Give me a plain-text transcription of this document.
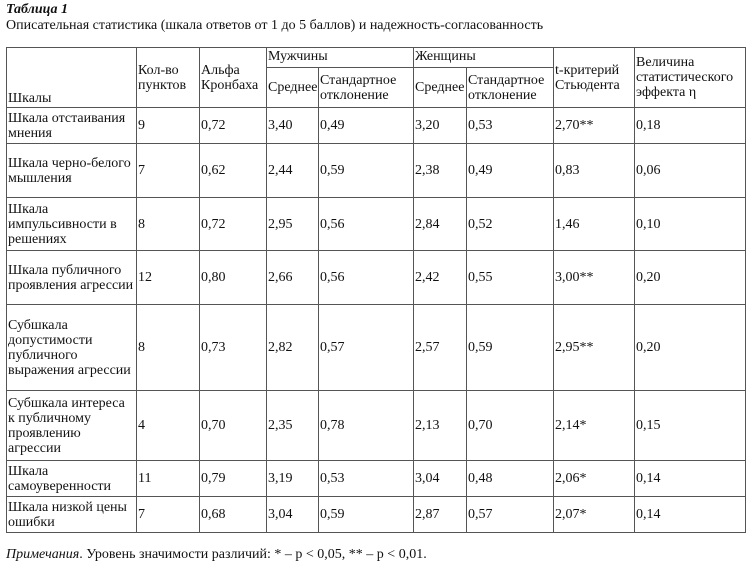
Таблица 1
Описательная статистика (шкала ответов от 1 до 5 баллов) и надежность-согласованность
Шкалы	Кол-во пунктов	Альфа Кронбаха	Мужчины		Женщины		t-критерий Стьюдента	Величина статистического эффекта η
			Среднее	Стандартное отклонение	Среднее	Стандартное отклонение		
Шкала отстаивания мнения	9	0,72	3,40	0,49	3,20	0,53	2,70**	0,18
Шкала черно-белого мышления	7	0,62	2,44	0,59	2,38	0,49	0,83	0,06
Шкала импульсивности в решениях	8	0,72	2,95	0,56	2,84	0,52	1,46	0,10
Шкала публичного проявления агрессии	12	0,80	2,66	0,56	2,42	0,55	3,00**	0,20
Субшкала допустимости публичного выражения агрессии	8	0,73	2,82	0,57	2,57	0,59	2,95**	0,20
Субшкала интереса к публичному проявлению агрессии	4	0,70	2,35	0,78	2,13	0,70	2,14*	0,15
Шкала самоуверенности	11	0,79	3,19	0,53	3,04	0,48	2,06*	0,14
Шкала низкой цены ошибки	7	0,68	3,04	0,59	2,87	0,57	2,07*	0,14
Примечания. Уровень значимости различий: * – p < 0,05, ** – p < 0,01.
